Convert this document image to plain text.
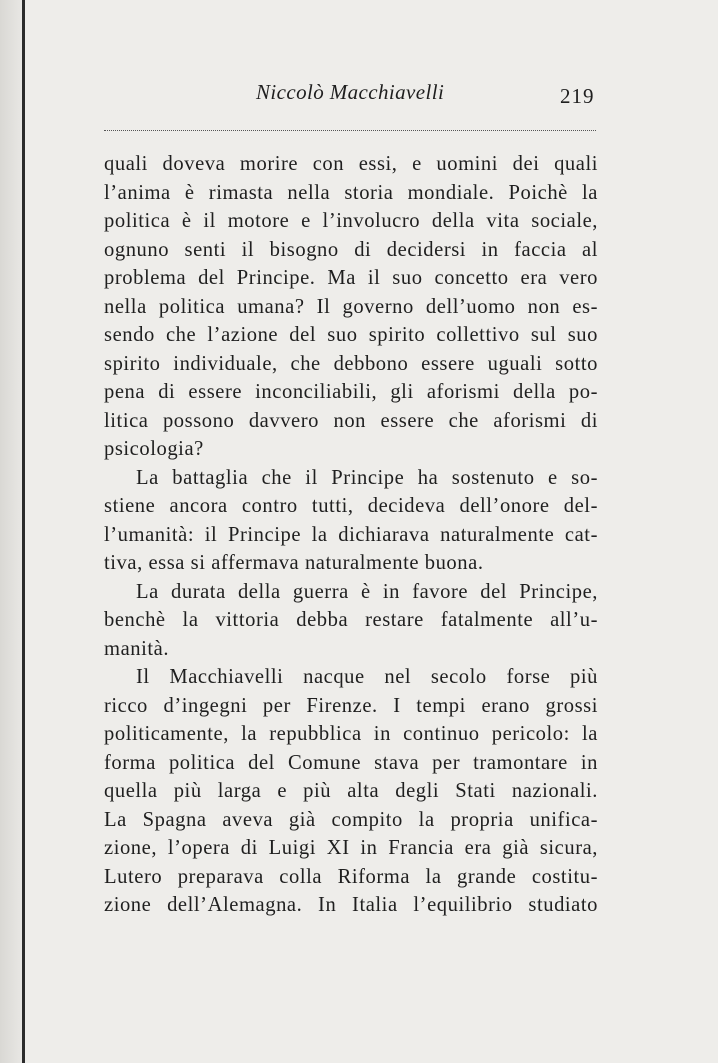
Niccolò Macchiavelli	219
quali doveva morire con essi, e uomini dei quali
l’anima è rimasta nella storia mondiale. Poichè la
politica è il motore e l’involucro della vita sociale,
ognuno senti il bisogno di decidersi in faccia al
problema del Principe. Ma il suo concetto era vero
nella politica umana? Il governo dell’uomo non es-
sendo che l’azione del suo spirito collettivo sul suo
spirito individuale, che debbono essere uguali sotto
pena di essere inconciliabili, gli aforismi della po-
litica possono davvero non essere che aforismi di
psicologia?
La battaglia che il Principe ha sostenuto e so-
stiene ancora contro tutti, decideva dell’onore del-
l’umanità: il Principe la dichiarava naturalmente cat-
tiva, essa si affermava naturalmente buona.
La durata della guerra è in favore del Principe,
benchè la vittoria debba restare fatalmente all’u-
manità.
Il Macchiavelli nacque nel secolo forse più
ricco d’ingegni per Firenze. I tempi erano grossi
politicamente, la repubblica in continuo pericolo: la
forma politica del Comune stava per tramontare in
quella più larga e più alta degli Stati nazionali.
La Spagna aveva già compito la propria unifica-
zione, l’opera di Luigi XI in Francia era già sicura,
Lutero preparava colla Riforma la grande costitu-
zione dell’Alemagna. In Italia l’equilibrio studiato
